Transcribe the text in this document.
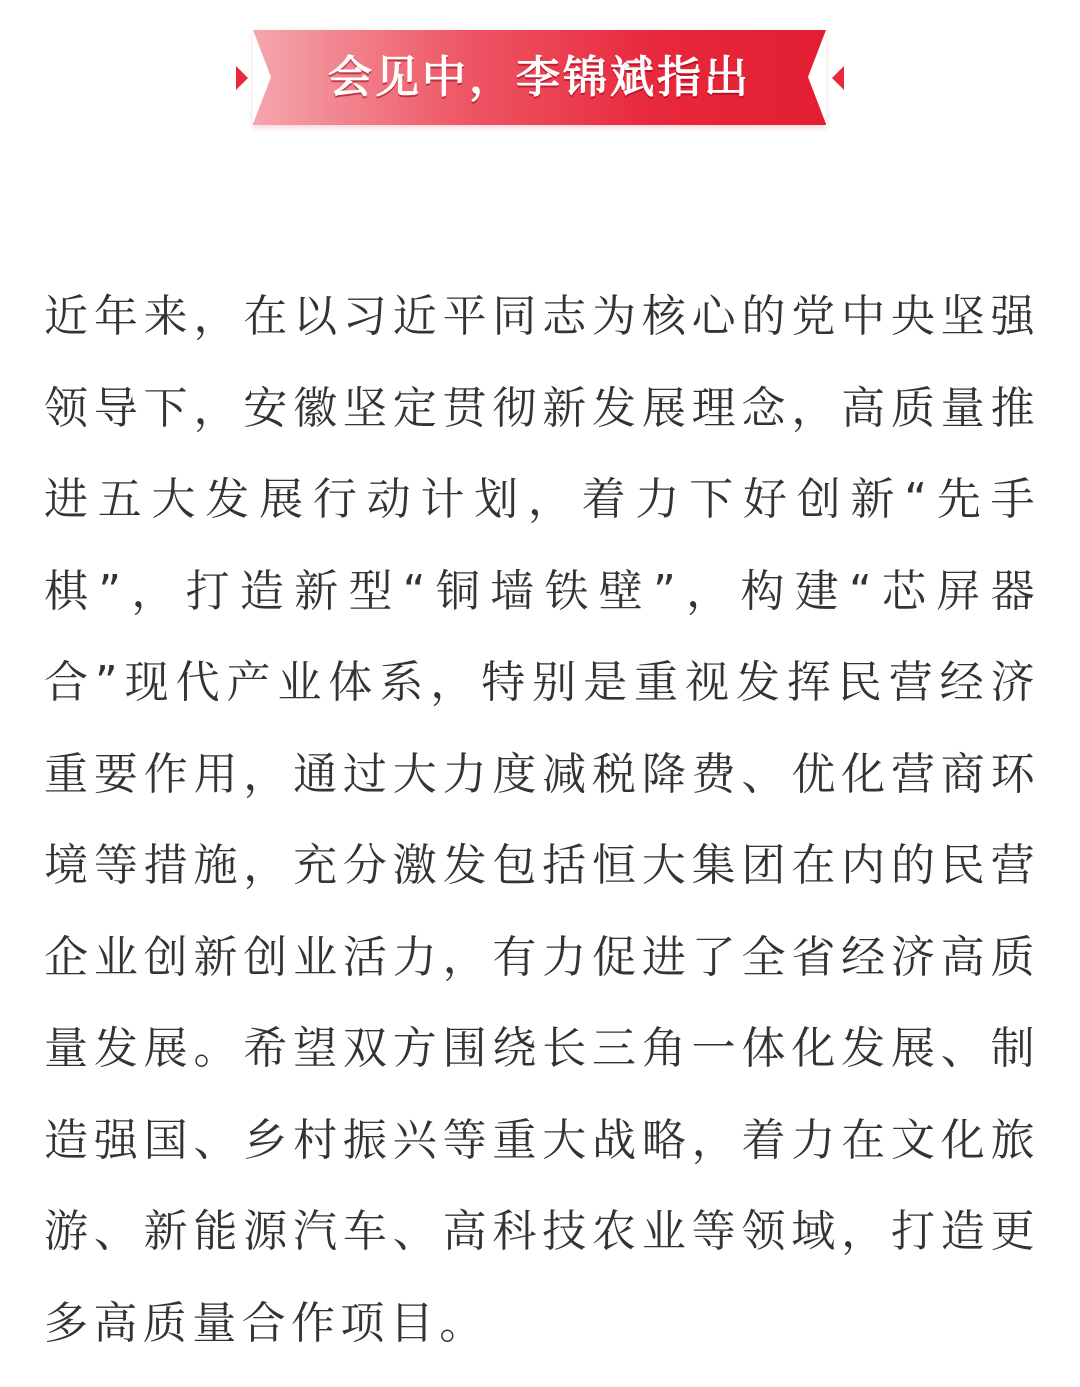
会见中，李锦斌指出

近年来，在以习近平同志为核心的党中央坚强领导下，安徽坚定贯彻新发展理念，高质量推进五大发展行动计划，着力下好创新“先手棋”，打造新型“铜墙铁壁”，构建“芯屏器合”现代产业体系，特别是重视发挥民营经济重要作用，通过大力度减税降费、优化营商环境等措施，充分激发包括恒大集团在内的民营企业创新创业活力，有力促进了全省经济高质量发展。希望双方围绕长三角一体化发展、制造强国、乡村振兴等重大战略，着力在文化旅游、新能源汽车、高科技农业等领域，打造更多高质量合作项目。
